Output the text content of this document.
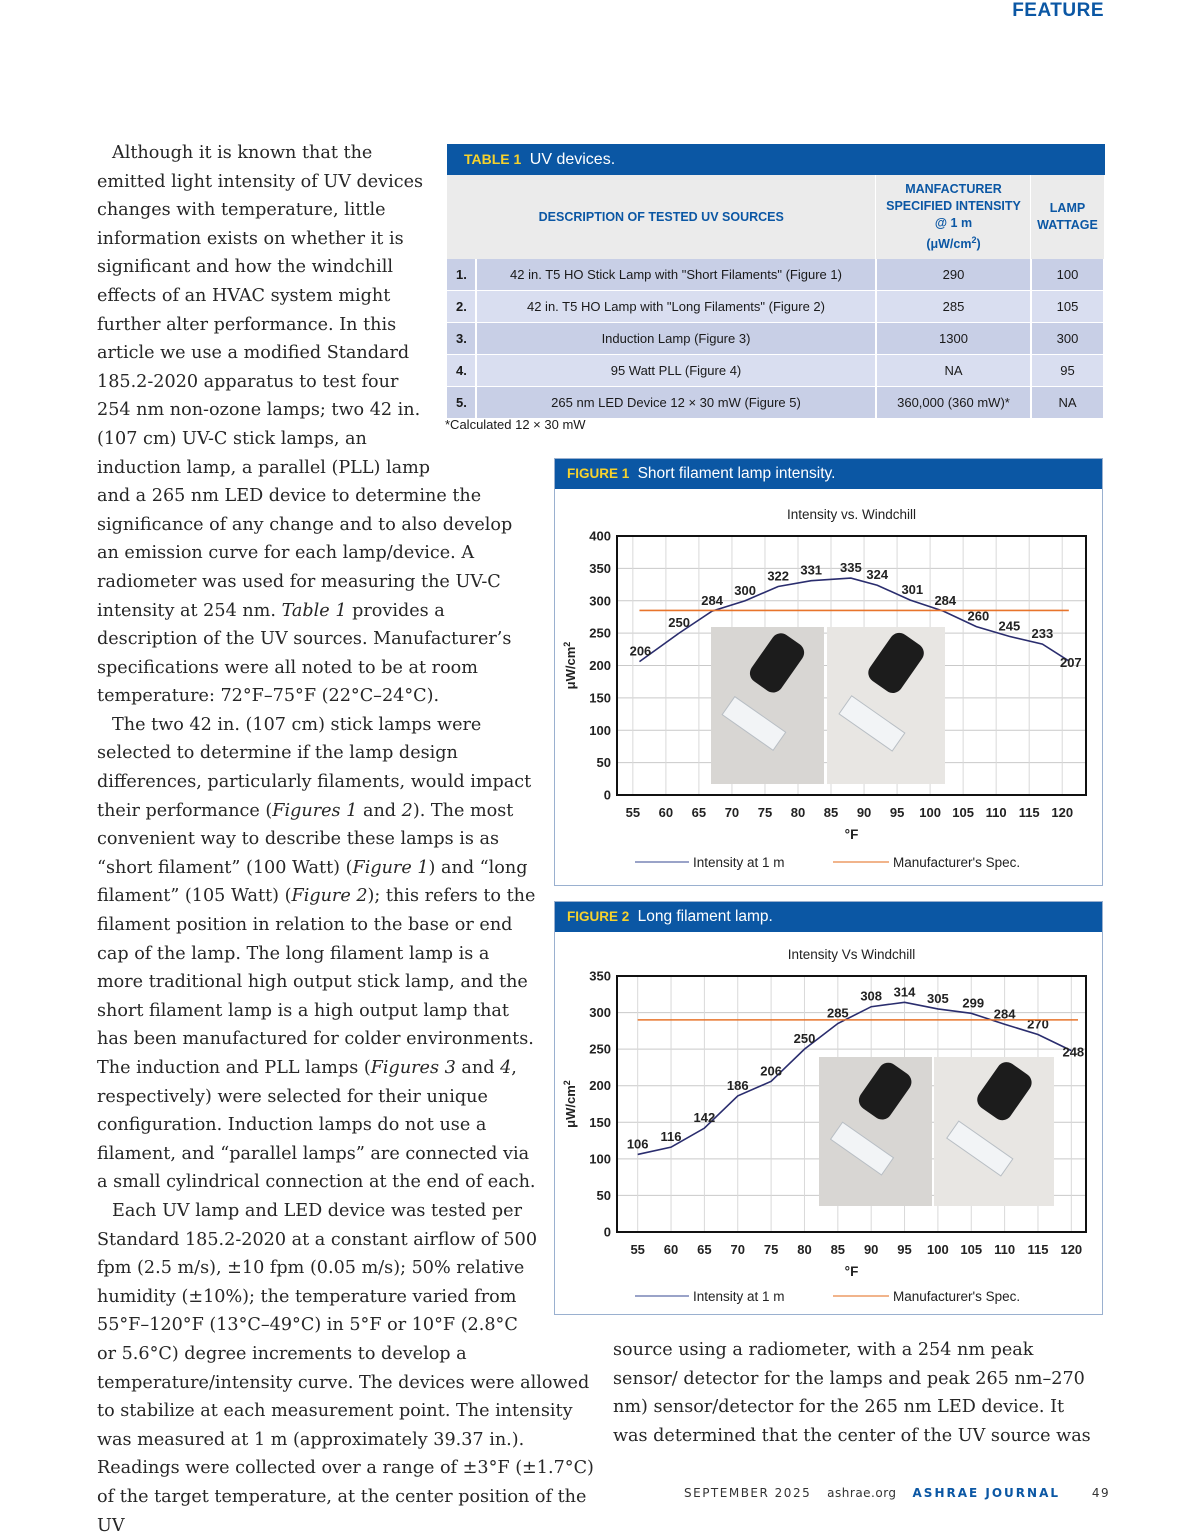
FEATURE

Although it is known that the emitted light intensity of UV devices changes with temperature, little information exists on whether it is significant and how the windchill effects of an HVAC system might further alter performance. In this article we use a modified Standard 185.2-2020 apparatus to test four 254 nm non-ozone lamps; two 42 in. (107 cm) UV-C stick lamps, an induction lamp, a parallel (PLL) lamp and a 265 nm LED device to determine the significance of any change and to also develop an emission curve for each lamp/device. A radiometer was used for measuring the UV-C intensity at 254 nm. Table 1 provides a description of the UV sources. Manufacturer’s specifications were all noted to be at room temperature: 72°F–75°F (22°C–24°C).

The two 42 in. (107 cm) stick lamps were selected to determine if the lamp design differences, particularly filaments, would impact their performance (Figures 1 and 2). The most convenient way to describe these lamps is as “short filament” (100 Watt) (Figure 1) and “long filament” (105 Watt) (Figure 2); this refers to the filament position in relation to the base or end cap of the lamp. The long filament lamp is a more traditional high output stick lamp, and the short filament lamp is a high output lamp that has been manufactured for colder environments. The induction and PLL lamps (Figures 3 and 4, respectively) were selected for their unique configuration. Induction lamps do not use a filament, and “parallel lamps” are connected via a small cylindrical connection at the end of each.

Each UV lamp and LED device was tested per Standard 185.2-2020 at a constant airflow of 500 fpm (2.5 m/s), ±10 fpm (0.05 m/s); 50% relative humidity (±10%); the temperature varied from 55°F–120°F (13°C–49°C) in 5°F or 10°F (2.8°C or 5.6°C) degree increments to develop a temperature/intensity curve. The devices were allowed to stabilize at each measurement point. The intensity was measured at 1 m (approximately 39.37 in.). Readings were collected over a range of ±3°F (±1.7°C) of the target temperature, at the center position of the UV

source using a radiometer, with a 254 nm peak sensor/ detector for the lamps and peak 265 nm–270 nm) sensor/detector for the 265 nm LED device. It was determined that the center of the UV source was

TABLE 1 UV devices.
DESCRIPTION OF TESTED UV SOURCES		MANFACTURER
SPECIFIED INTENSITY
@ 1 m
$(\mu W/cm^2)$	LAMP
WATTAGE
1.	42 in. T5 HO Stick Lamp with "Short Filaments" (Figure 1)	290	100
2.	42 in. T5 HO Lamp with "Long Filaments" (Figure 2)	285	105
3.	Induction Lamp (Figure 3)	1300	300
4.	95 Watt PLL (Figure 4)	NA	95
5.	265 nm LED Device 12 × 30 mW (Figure 5)	360,000 (360 mW)*	NA
*Calculated 12 × 30 mW
FIGURE 1 Short filament lamp intensity.
Intensity vs. Windchill
0
50
100
150
200
250
300
350
400
55 60 65 70 75 80 85 90 95 100 105 110 115 120
206
250
284
300
322 331 335 324
301
284
260
245
233
207
$\mu W/cm^2$
°F
Intensity at 1 m	Manufacturer's Spec.
FIGURE 2 Long filament lamp.
Intensity Vs Windchill
0
50
100
150
200
250
300
350
55 60 65 70 75 80 85 90 95 100 105 110 115 120
106 116
142
186
206
250
285
308 314 305 299
284
270
248
$\mu W/cm^2$
°F
Intensity at 1 m	Manufacturer's Spec.
SEPTEMBER 2025 ashrae.org ASHRAE JOURNAL	49
